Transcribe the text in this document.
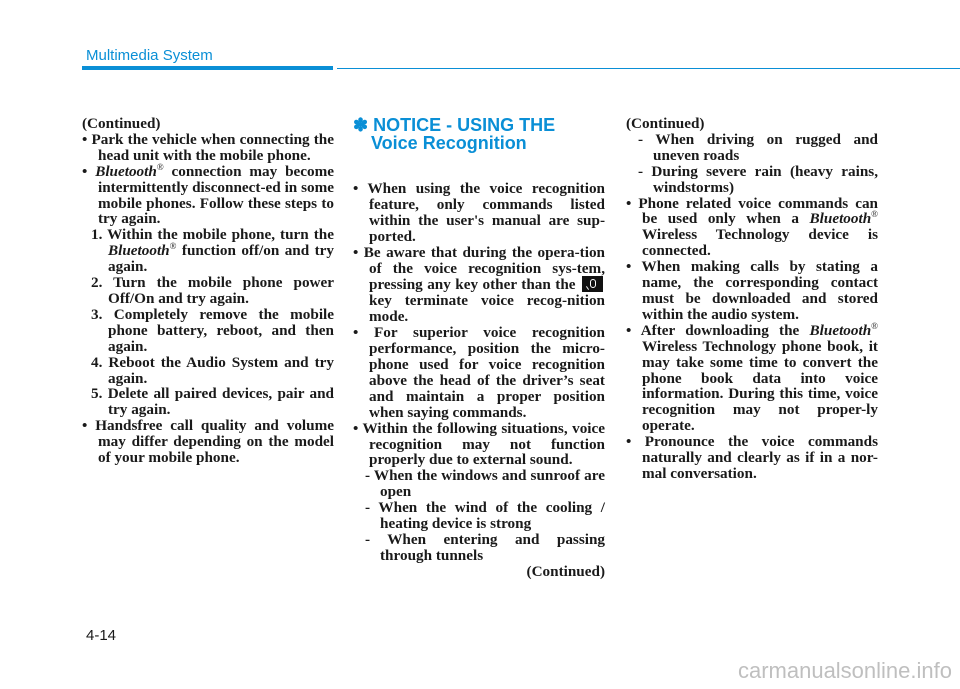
Multimedia System

(Continued)

• Park the vehicle when connecting the head unit with the mobile phone.

• Bluetooth® connection may become intermittently disconnect-ed in some mobile phones. Follow these steps to try again.

1. Within the mobile phone, turn the Bluetooth® function off/on and try again.

2. Turn the mobile phone power Off/On and try again.

3. Completely remove the mobile phone battery, reboot, and then again.

4. Reboot the Audio System and try again.

5. Delete all paired devices, pair and try again.

• Handsfree call quality and volume may differ depending on the model of your mobile phone.

✽ NOTICE - USING THE Voice Recognition

• When using the voice recognition feature, only commands listed within the user's manual are sup-ported.

• Be aware that during the opera-tion of the voice recognition sys-tem, pressing any key other than the  key terminate voice recog-nition mode.

• For superior voice recognition performance, position the micro-phone used for voice recognition above the head of the driver’s seat and maintain a proper position when saying commands.

• Within the following situations, voice recognition may not function properly due to external sound.

- When the windows and sunroof are open

- When the wind of the cooling / heating device is strong

- When entering and passing through tunnels

(Continued)

(Continued)

- When driving on rugged and uneven roads

- During severe rain (heavy rains, windstorms)

• Phone related voice commands can be used only when a Bluetooth® Wireless Technology device is connected.

• When making calls by stating a name, the corresponding contact must be downloaded and stored within the audio system.

• After downloading the Bluetooth® Wireless Technology phone book, it may take some time to convert the phone book data into voice information. During this time, voice recognition may not proper-ly operate.

• Pronounce the voice commands naturally and clearly as if in a nor-mal conversation.

4-14
carmanualsonline.info
